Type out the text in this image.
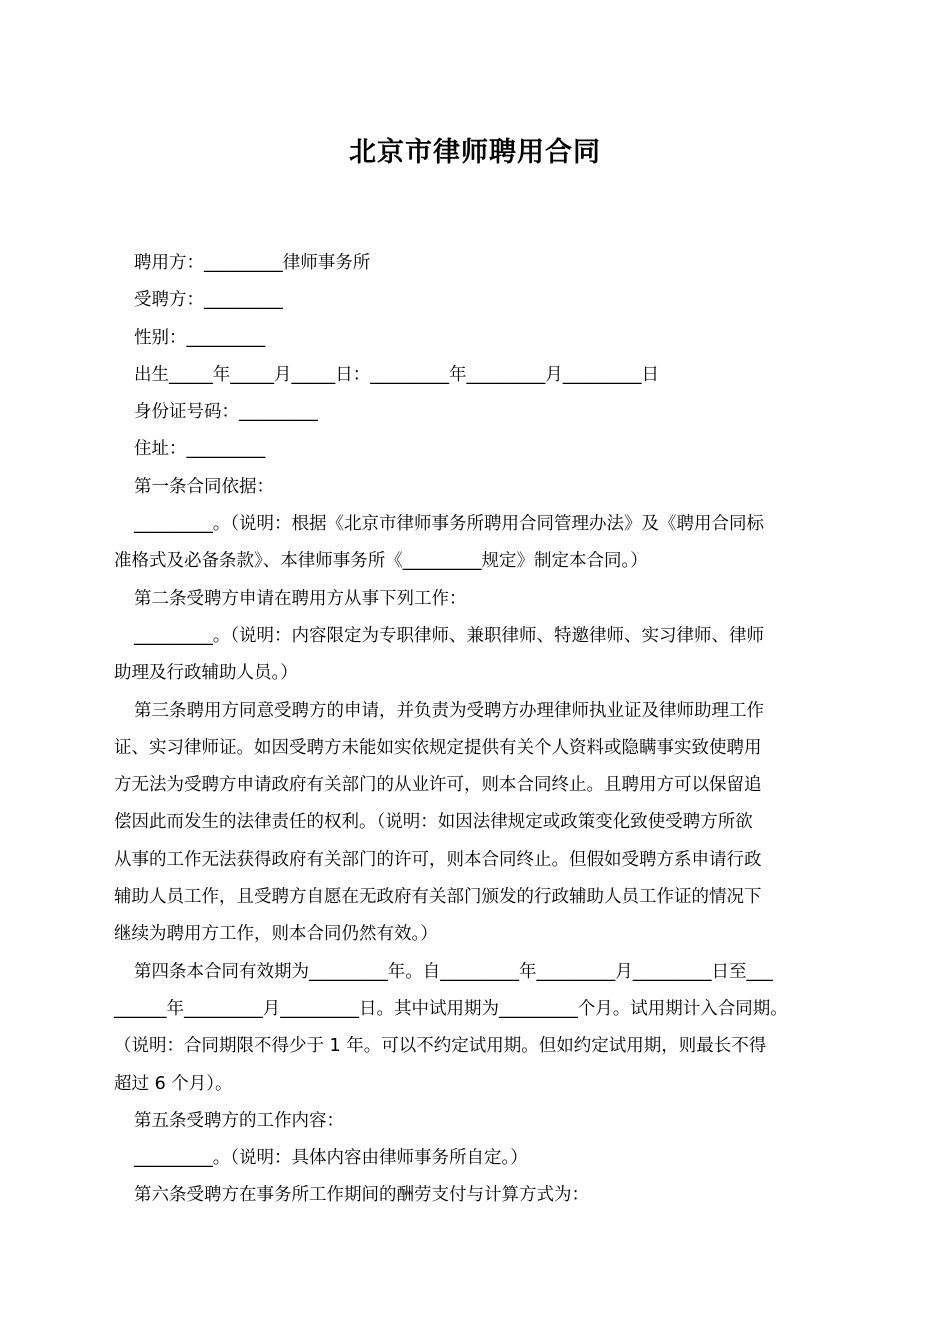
北京市律师聘用合同
聘用方：_________律师事务所
受聘方：_________
性别：_________
出生_____年_____月_____日：_________年_________月_________日
身份证号码：_________
住址：_________
第一条合同依据：
_________。（说明：根据《北京市律师事务所聘用合同管理办法》及《聘用合同标
准格式及必备条款》、本律师事务所《_________规定》制定本合同。）
第二条受聘方申请在聘用方从事下列工作：
_________。（说明：内容限定为专职律师、兼职律师、特邀律师、实习律师、律师
助理及行政辅助人员。）
第三条聘用方同意受聘方的申请，并负责为受聘方办理律师执业证及律师助理工作
证、实习律师证。如因受聘方未能如实依规定提供有关个人资料或隐瞒事实致使聘用
方无法为受聘方申请政府有关部门的从业许可，则本合同终止。且聘用方可以保留追
偿因此而发生的法律责任的权利。（说明：如因法律规定或政策变化致使受聘方所欲
从事的工作无法获得政府有关部门的许可，则本合同终止。但假如受聘方系申请行政
辅助人员工作，且受聘方自愿在无政府有关部门颁发的行政辅助人员工作证的情况下
继续为聘用方工作，则本合同仍然有效。）
第四条本合同有效期为_________年。自_________年_________月_________日至___
______年_________月_________日。其中试用期为_________个月。试用期计入合同期。
（说明：合同期限不得少于 1 年。可以不约定试用期。但如约定试用期，则最长不得
超过 6 个月）。
第五条受聘方的工作内容：
_________。（说明：具体内容由律师事务所自定。）
第六条受聘方在事务所工作期间的酬劳支付与计算方式为：
